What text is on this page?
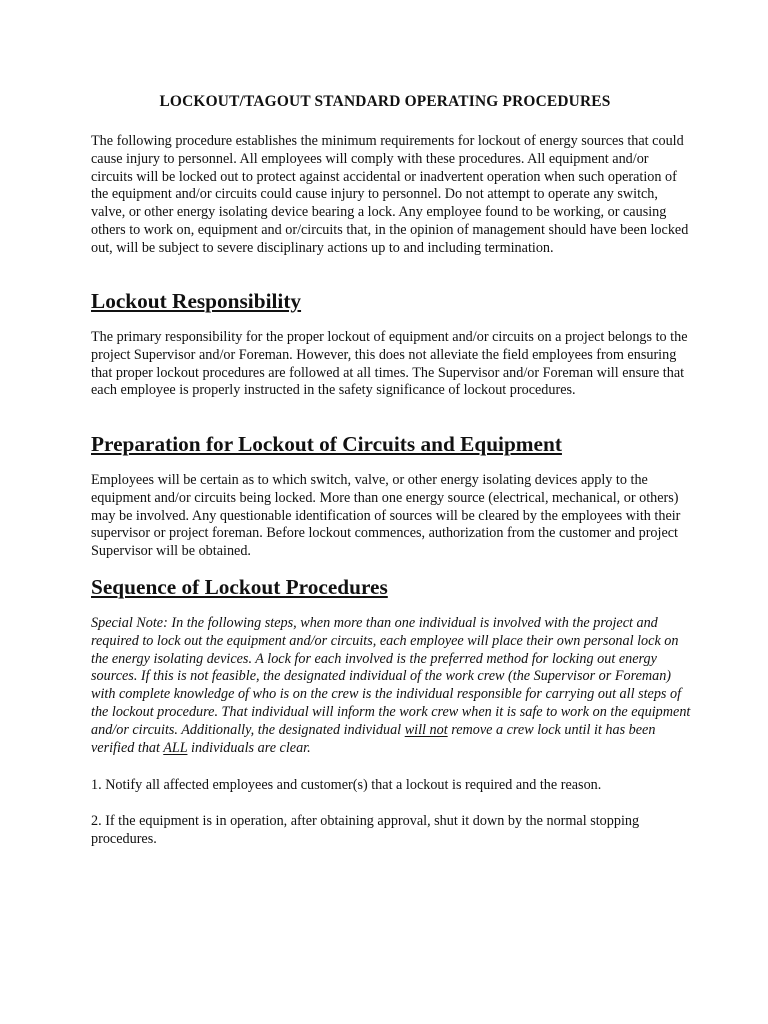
LOCKOUT/TAGOUT STANDARD OPERATING PROCEDURES

The following procedure establishes the minimum requirements for lockout of energy sources that could cause injury to personnel. All employees will comply with these procedures. All equipment and/or circuits will be locked out to protect against accidental or inadvertent operation when such operation of the equipment and/or circuits could cause injury to personnel. Do not attempt to operate any switch, valve, or other energy isolating device bearing a lock. Any employee found to be working, or causing others to work on, equipment and or/circuits that, in the opinion of management should have been locked out, will be subject to severe disciplinary actions up to and including termination.

Lockout Responsibility

The primary responsibility for the proper lockout of equipment and/or circuits on a project belongs to the project Supervisor and/or Foreman. However, this does not alleviate the field employees from ensuring that proper lockout procedures are followed at all times. The Supervisor and/or Foreman will ensure that each employee is properly instructed in the safety significance of lockout procedures.

Preparation for Lockout of Circuits and Equipment

Employees will be certain as to which switch, valve, or other energy isolating devices apply to the equipment and/or circuits being locked. More than one energy source (electrical, mechanical, or others) may be involved. Any questionable identification of sources will be cleared by the employees with their supervisor or project foreman. Before lockout commences, authorization from the customer and project Supervisor will be obtained.

Sequence of Lockout Procedures

Special Note: In the following steps, when more than one individual is involved with the project and required to lock out the equipment and/or circuits, each employee will place their own personal lock on the energy isolating devices. A lock for each involved is the preferred method for locking out energy sources. If this is not feasible, the designated individual of the work crew (the Supervisor or Foreman) with complete knowledge of who is on the crew is the individual responsible for carrying out all steps of the lockout procedure. That individual will inform the work crew when it is safe to work on the equipment and/or circuits. Additionally, the designated individual will not remove a crew lock until it has been verified that ALL individuals are clear.

1. Notify all affected employees and customer(s) that a lockout is required and the reason.

2. If the equipment is in operation, after obtaining approval, shut it down by the normal stopping procedures.
